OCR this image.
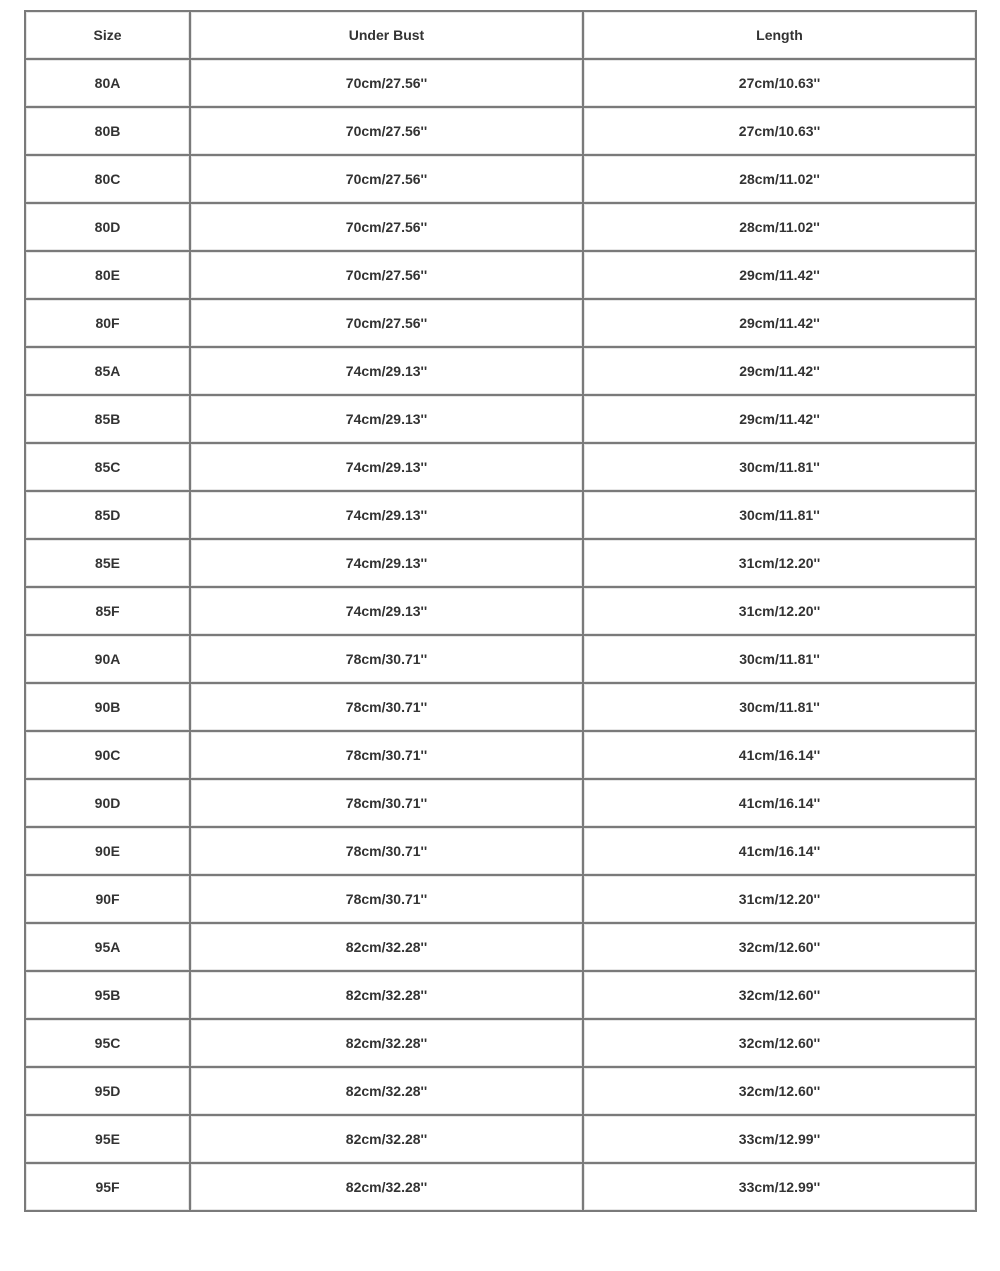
Size	Under Bust	Length
80A	70cm/27.56''	27cm/10.63''
80B	70cm/27.56''	27cm/10.63''
80C	70cm/27.56''	28cm/11.02''
80D	70cm/27.56''	28cm/11.02''
80E	70cm/27.56''	29cm/11.42''
80F	70cm/27.56''	29cm/11.42''
85A	74cm/29.13''	29cm/11.42''
85B	74cm/29.13''	29cm/11.42''
85C	74cm/29.13''	30cm/11.81''
85D	74cm/29.13''	30cm/11.81''
85E	74cm/29.13''	31cm/12.20''
85F	74cm/29.13''	31cm/12.20''
90A	78cm/30.71''	30cm/11.81''
90B	78cm/30.71''	30cm/11.81''
90C	78cm/30.71''	41cm/16.14''
90D	78cm/30.71''	41cm/16.14''
90E	78cm/30.71''	41cm/16.14''
90F	78cm/30.71''	31cm/12.20''
95A	82cm/32.28''	32cm/12.60''
95B	82cm/32.28''	32cm/12.60''
95C	82cm/32.28''	32cm/12.60''
95D	82cm/32.28''	32cm/12.60''
95E	82cm/32.28''	33cm/12.99''
95F	82cm/32.28''	33cm/12.99''
